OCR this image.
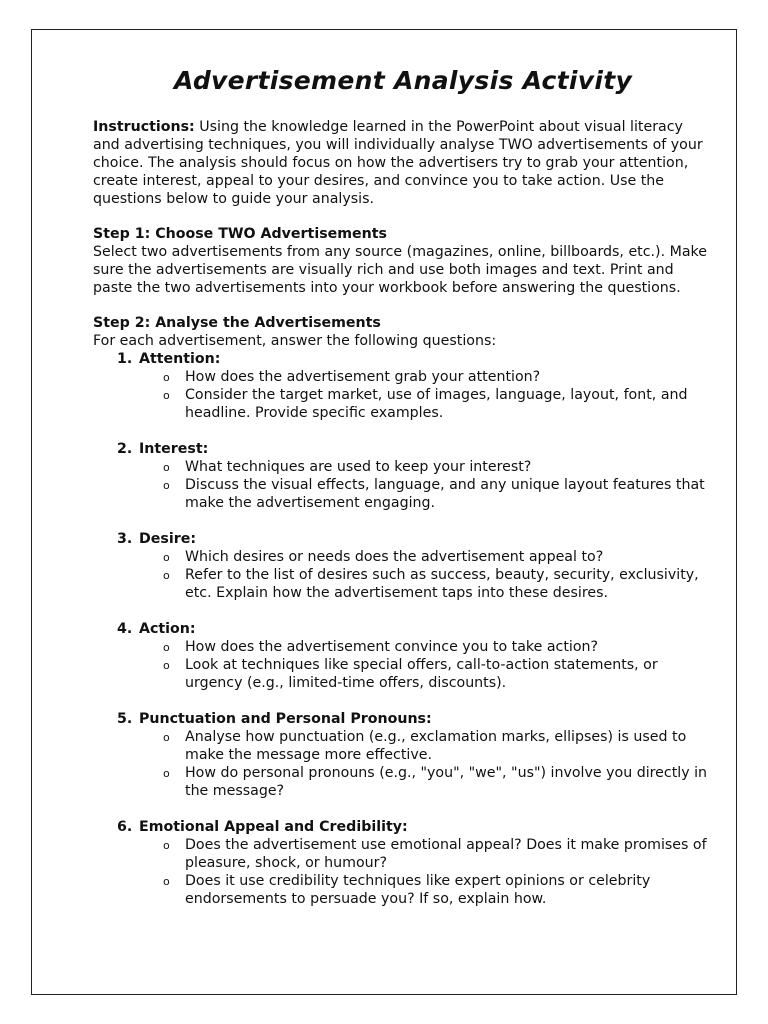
Advertisement Analysis Activity

Instructions: Using the knowledge learned in the PowerPoint about visual literacy and advertising techniques, you will individually analyse TWO advertisements of your choice. The analysis should focus on how the advertisers try to grab your attention, create interest, appeal to your desires, and convince you to take action. Use the questions below to guide your analysis.

Step 1: Choose TWO Advertisements

Select two advertisements from any source (magazines, online, billboards, etc.). Make sure the advertisements are visually rich and use both images and text. Print and paste the two advertisements into your workbook before answering the questions.

Step 2: Analyse the Advertisements

For each advertisement, answer the following questions:

1. Attention:
o How does the advertisement grab your attention?
o Consider the target market, use of images, language, layout, font, and headline. Provide specific examples.
2. Interest:
o What techniques are used to keep your interest?
o Discuss the visual effects, language, and any unique layout features that make the advertisement engaging.
3. Desire:
o Which desires or needs does the advertisement appeal to?
o Refer to the list of desires such as success, beauty, security, exclusivity, etc. Explain how the advertisement taps into these desires.
4. Action:
o How does the advertisement convince you to take action?
o Look at techniques like special offers, call-to-action statements, or urgency (e.g., limited-time offers, discounts).
5. Punctuation and Personal Pronouns:
o Analyse how punctuation (e.g., exclamation marks, ellipses) is used to make the message more effective.
o How do personal pronouns (e.g., "you", "we", "us") involve you directly in the message?
6. Emotional Appeal and Credibility:
o Does the advertisement use emotional appeal? Does it make promises of pleasure, shock, or humour?
o Does it use credibility techniques like expert opinions or celebrity endorsements to persuade you? If so, explain how.
